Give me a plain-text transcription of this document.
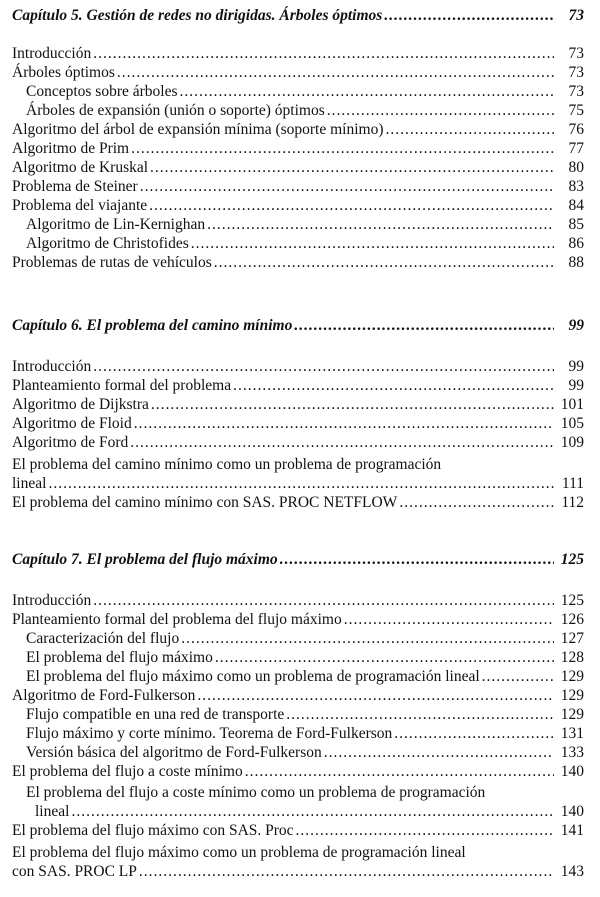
Capítulo 5. Gestión de redes no dirigidas. Árboles óptimos .....	73
Introducción .....	73
Árboles óptimos .....	73
Conceptos sobre árboles .....	73
Árboles de expansión (unión o soporte) óptimos .....	75
Algoritmo del árbol de expansión mínima (soporte mínimo) .....	76
Algoritmo de Prim .....	77
Algoritmo de Kruskal .....	80
Problema de Steiner .....	83
Problema del viajante .....	84
Algoritmo de Lin-Kernighan .....	85
Algoritmo de Christofides .....	86
Problemas de rutas de vehículos .....	88
Capítulo 6. El problema del camino mínimo .....	99
Introducción .....	99
Planteamiento formal del problema .....	99
Algoritmo de Dijkstra .....	101
Algoritmo de Floid .....	105
Algoritmo de Ford .....	109
El problema del camino mínimo como un problema de programación
lineal .....	111
El problema del camino mínimo con SAS. PROC NETFLOW .....	112
Capítulo 7. El problema del flujo máximo .....	125
Introducción .....	125
Planteamiento formal del problema del flujo máximo .....	126
Caracterización del flujo .....	127
El problema del flujo máximo .....	128
El problema del flujo máximo como un problema de programación lineal .....	129
Algoritmo de Ford-Fulkerson .....	129
Flujo compatible en una red de transporte .....	129
Flujo máximo y corte mínimo. Teorema de Ford-Fulkerson .....	131
Versión básica del algoritmo de Ford-Fulkerson .....	133
El problema del flujo a coste mínimo .....	140
El problema del flujo a coste mínimo como un problema de programación
lineal .....	140
El problema del flujo máximo con SAS. Proc .....	141
El problema del flujo máximo como un problema de programación lineal
con SAS. PROC LP .....	143
